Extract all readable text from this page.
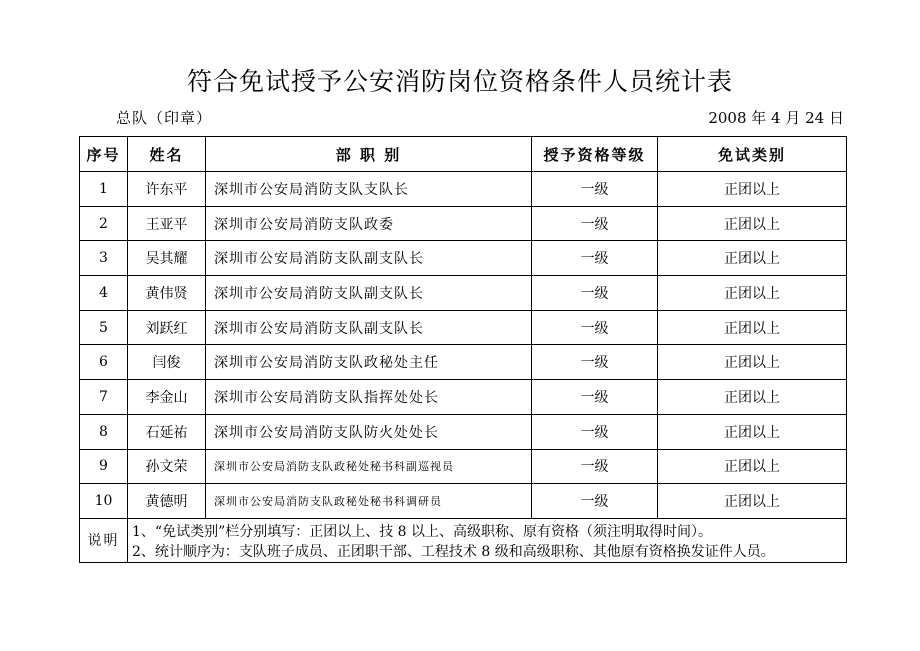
符合免试授予公安消防岗位资格条件人员统计表
总队（印章）	2008 年 4 月 24 日
序号	姓名	部 职 别	授予资格等级	免试类别
1	许东平	深圳市公安局消防支队支队长	一级	正团以上
2	王亚平	深圳市公安局消防支队政委	一级	正团以上
3	吴其耀	深圳市公安局消防支队副支队长	一级	正团以上
4	黄伟贤	深圳市公安局消防支队副支队长	一级	正团以上
5	刘跃红	深圳市公安局消防支队副支队长	一级	正团以上
6	闫俊	深圳市公安局消防支队政秘处主任	一级	正团以上
7	李金山	深圳市公安局消防支队指挥处处长	一级	正团以上
8	石延祐	深圳市公安局消防支队防火处处长	一级	正团以上
9	孙文荣	深圳市公安局消防支队政秘处秘书科副巡视员	一级	正团以上
10	黄德明	深圳市公安局消防支队政秘处秘书科调研员	一级	正团以上
说明	1、“免试类别”栏分别填写：正团以上、技 8 以上、高级职称、原有资格（须注明取得时间）。
2、统计顺序为：支队班子成员、正团职干部、工程技术 8 级和高级职称、其他原有资格换发证件人员。			
